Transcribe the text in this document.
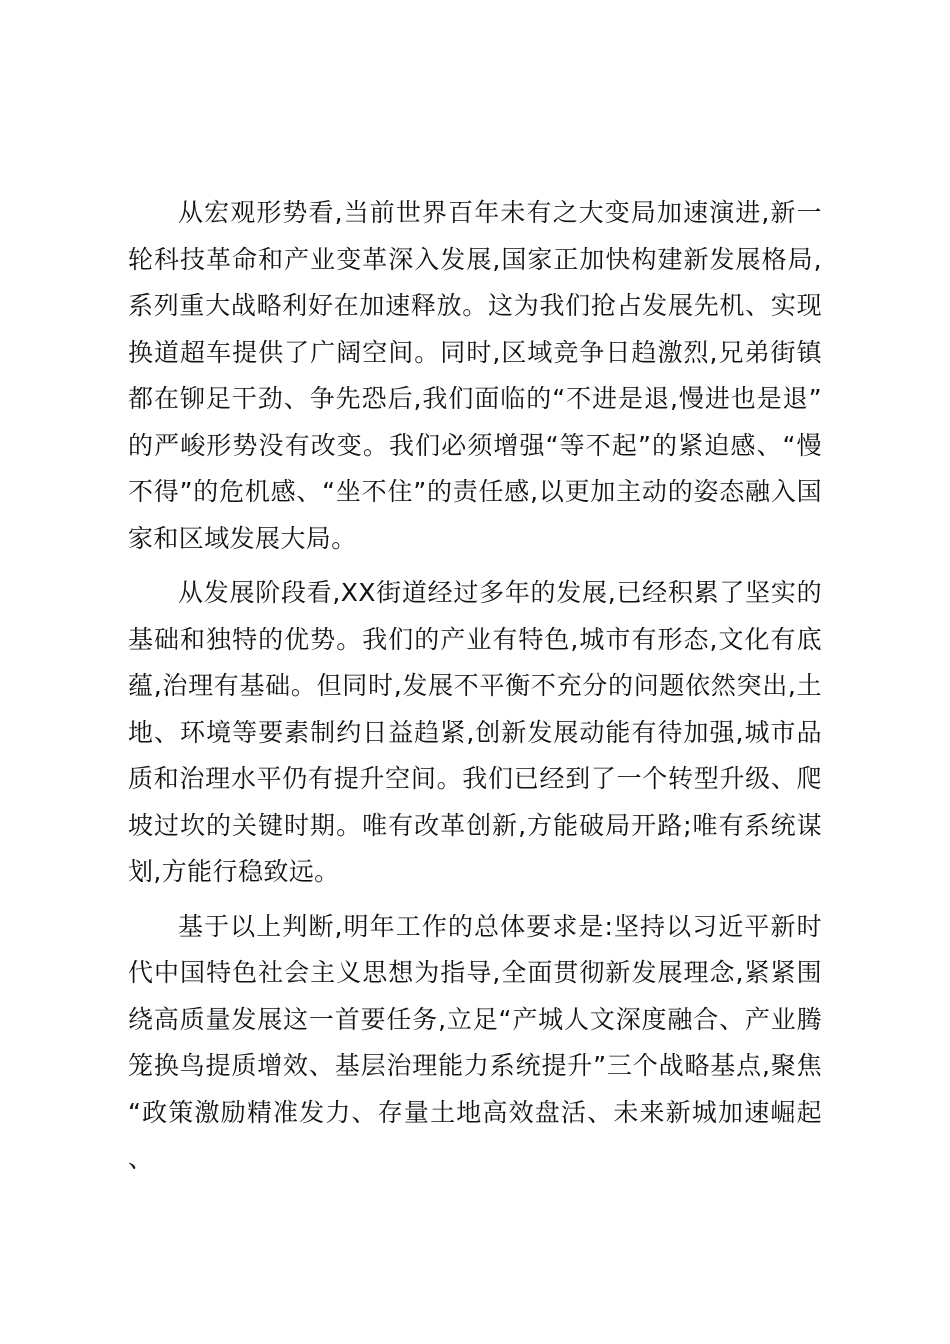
从宏观形势看,当前世界百年未有之大变局加速演进,新一轮科技革命和产业变革深入发展,国家正加快构建新发展格局,系列重大战略利好在加速释放。这为我们抢占发展先机、实现换道超车提供了广阔空间。同时,区域竞争日趋激烈,兄弟街镇都在铆足干劲、争先恐后,我们面临的“不进是退,慢进也是退”的严峻形势没有改变。我们必须增强“等不起”的紧迫感、“慢不得”的危机感、“坐不住”的责任感,以更加主动的姿态融入国家和区域发展大局。

从发展阶段看,XX街道经过多年的发展,已经积累了坚实的基础和独特的优势。我们的产业有特色,城市有形态,文化有底蕴,治理有基础。但同时,发展不平衡不充分的问题依然突出,土地、环境等要素制约日益趋紧,创新发展动能有待加强,城市品质和治理水平仍有提升空间。我们已经到了一个转型升级、爬坡过坎的关键时期。唯有改革创新,方能破局开路;唯有系统谋划,方能行稳致远。

基于以上判断,明年工作的总体要求是:坚持以习近平新时代中国特色社会主义思想为指导,全面贯彻新发展理念,紧紧围绕高质量发展这一首要任务,立足“产城人文深度融合、产业腾笼换鸟提质增效、基层治理能力系统提升”三个战略基点,聚焦“政策激励精准发力、存量土地高效盘活、未来新城加速崛起、
